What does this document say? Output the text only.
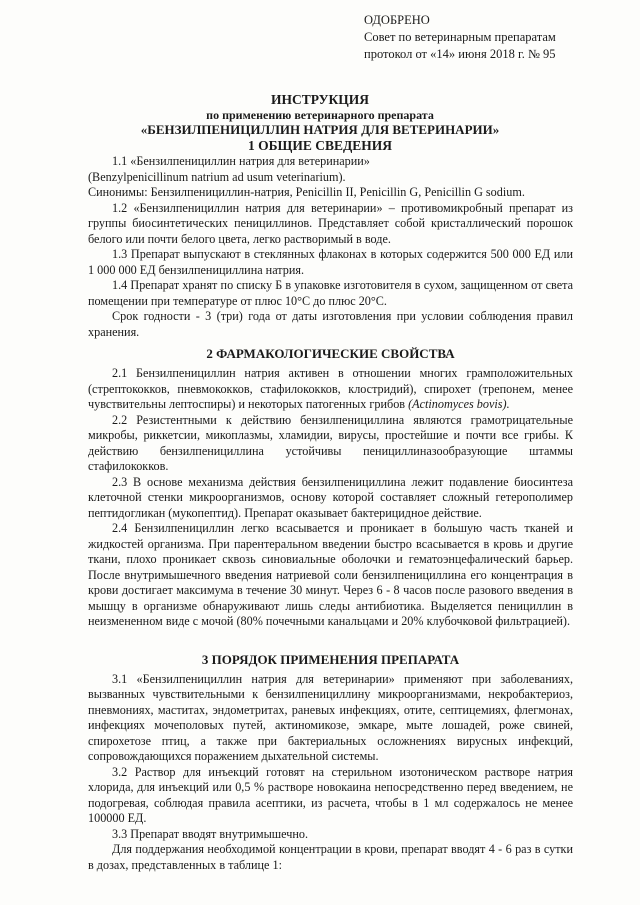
ОДОБРЕНО
Совет по ветеринарным препаратам
протокол от «14» июня 2018 г. № 95
ИНСТРУКЦИЯ
по применению ветеринарного препарата
«БЕНЗИЛПЕНИЦИЛЛИН НАТРИЯ ДЛЯ ВЕТЕРИНАРИИ»
1 ОБЩИЕ СВЕДЕНИЯ

1.1 «Бензилпенициллин натрия для ветеринарии»

(Benzylpenicillinum natrium ad usum veterinarium).

Синонимы: Бензилпенициллин-натрия, Penicillin II, Penicillin G, Penicillin G sodium.

1.2 «Бензилпенициллин натрия для ветеринарии» – противомикробный препарат из группы биосинтетических пенициллинов. Представляет собой кристаллический порошок белого или почти белого цвета, легко растворимый в воде.

1.3 Препарат выпускают в стеклянных флаконах в которых содержится 500 000 ЕД или 1 000 000 ЕД бензилпенициллина натрия.

1.4 Препарат хранят по списку Б в упаковке изготовителя в сухом, защищенном от света помещении при температуре от плюс 10°С до плюс 20°С.

Срок годности - 3 (три) года от даты изготовления при условии соблюдения правил хранения.

2 ФАРМАКОЛОГИЧЕСКИЕ СВОЙСТВА

2.1 Бензилпенициллин натрия активен в отношении многих грамположительных (стрептококков, пневмококков, стафилококков, клостридий), спирохет (трепонем, менее чувствительны лептоспиры) и некоторых патогенных грибов (Actinomyces bovis).

2.2 Резистентными к действию бензилпенициллина являются грамотрицательные микробы, риккетсии, микоплазмы, хламидии, вирусы, простейшие и почти все грибы. К действию бензилпенициллина устойчивы пенициллиназообразующие штаммы стафилококков.

2.3 В основе механизма действия бензилпенициллина лежит подавление биосинтеза клеточной стенки микроорганизмов, основу которой составляет сложный гетерополимер пептидогликан (мукопептид). Препарат оказывает бактерицидное действие.

2.4 Бензилпенициллин легко всасывается и проникает в большую часть тканей и жидкостей организма. При парентеральном введении быстро всасывается в кровь и другие ткани, плохо проникает сквозь синовиальные оболочки и гематоэнцефалический барьер. После внутримышечного введения натриевой соли бензилпенициллина его концентрация в крови достигает максимума в течение 30 минут. Через 6 - 8 часов после разового введения в мышцу в организме обнаруживают лишь следы антибиотика. Выделяется пенициллин в неизмененном виде с мочой (80% почечными канальцами и 20% клубочковой фильтрацией).

3 ПОРЯДОК ПРИМЕНЕНИЯ ПРЕПАРАТА

3.1 «Бензилпенициллин натрия для ветеринарии» применяют при заболеваниях, вызванных чувствительными к бензилпенициллину микроорганизмами, некробактериоз, пневмониях, маститах, эндометритах, раневых инфекциях, отите, септицемиях, флегмонах, инфекциях мочеполовых путей, актиномикозе, эмкаре, мыте лошадей, роже свиней, спирохетозе птиц, а также при бактериальных осложнениях вирусных инфекций, сопровождающихся поражением дыхательной системы.

3.2 Раствор для инъекций готовят на стерильном изотоническом растворе натрия хлорида, для инъекций или 0,5 % растворе новокаина непосредственно перед введением, не подогревая, соблюдая правила асептики, из расчета, чтобы в 1 мл содержалось не менее 100000 ЕД.

3.3 Препарат вводят внутримышечно.

Для поддержания необходимой концентрации в крови, препарат вводят 4 - 6 раз в сутки в дозах, представленных в таблице 1:
